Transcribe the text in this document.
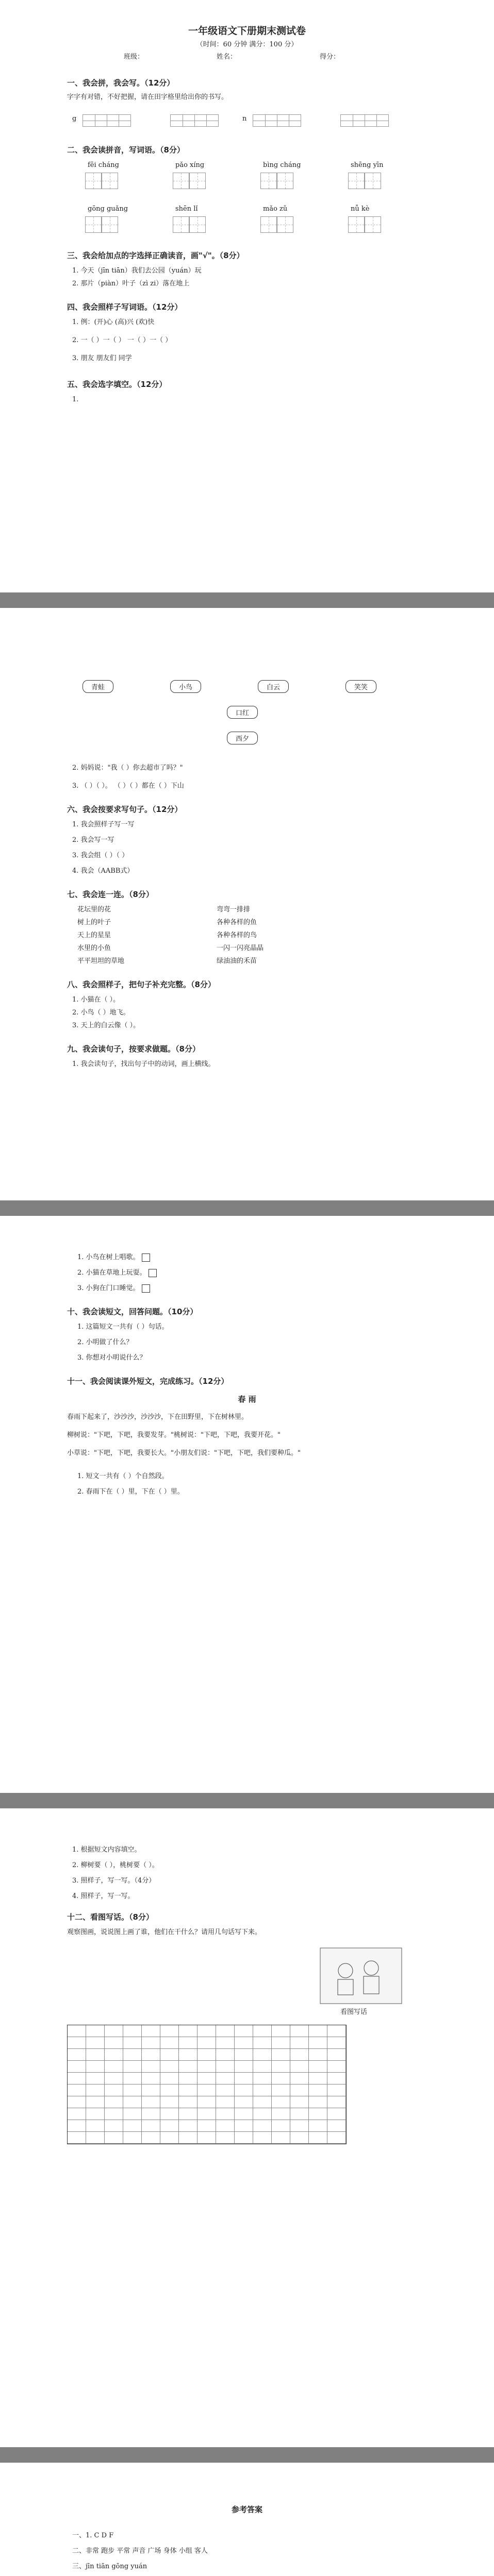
一年级语文下册期末测试卷
（时间：60 分钟 满分：100 分）
班级：	姓名：	得分：
一、我会拼，我会写。（12分）
字字有对错，不好把握，请在田字格里给出你的书写。
g	n
二、我会读拼音，写词语。（8分）
fēi cháng	pǎo xíng	bìng cháng	shēng yīn
gōng guǎng	shēn lǐ	mǎo zǔ	nǚ kè
三、我会给加点的字选择正确读音，画"√"。（8分）
1. 今天（jīn tiān）我们去公园（yuán）玩
2. 那片（piàn）叶子（zì zi）落在地上
四、我会照样子写词语。（12分）
1. 例：(开)心 (高)兴 (欢)快
2. 一（ ）一（ ） 一（ ）一（ ）
3. 朋友 朋友们 同学
五、我会选字填空。（12分）
1.
青蛙	小鸟	白云	笑笑
口红
西夕
2. 妈妈说："我（ ）你去超市了吗？"
3. （ ）（ ）。 （ ）（ ）都在（ ）下山
六、我会按要求写句子。（12分）
1. 我会照样子写一写
2. 我会写一写
3. 我会组（ ）（ ）
4. 我会（AABB式）
七、我会连一连。（8分）
花坛里的花	弯弯一排排
树上的叶子	各种各样的鱼
天上的星星	各种各样的鸟
水里的小鱼	一闪一闪亮晶晶
平平坦坦的草地	绿油油的禾苗
八、我会照样子，把句子补充完整。（8分）
1. 小猫在（ ）。
2. 小鸟（ ）地飞。
3. 天上的白云像（ ）。
九、我会读句子，按要求做题。（8分）
1. 我会读句子，找出句子中的动词，画上横线。
1. 小鸟在树上唱歌。
2. 小猫在草地上玩耍。
3. 小狗在门口睡觉。
十、我会读短文，回答问题。（10分）
1. 这篇短文一共有（ ）句话。
2. 小明做了什么？
3. 你想对小明说什么？
十一、我会阅读课外短文，完成练习。（12分）
春 雨
春雨下起来了，沙沙沙，沙沙沙，下在田野里，下在树林里。
柳树说："下吧，下吧，我要发芽。"桃树说："下吧，下吧，我要开花。"
小草说："下吧，下吧，我要长大。"小朋友们说："下吧，下吧，我们要种瓜。"
1. 短文一共有（ ）个自然段。
2. 春雨下在（ ）里，下在（ ）里。
1. 根据短文内容填空。
2. 柳树要（ ），桃树要（ ）。
3. 照样子，写一写。（4分）
4. 照样子，写一写。
十二、看图写话。（8分）
观察图画，说说图上画了谁，他们在干什么？请用几句话写下来。
看图写话
参考答案
一、1. C D F
二、非常 跑步 平常 声音 广场 身体 小组 客人
三、jīn tiān gōng yuán
